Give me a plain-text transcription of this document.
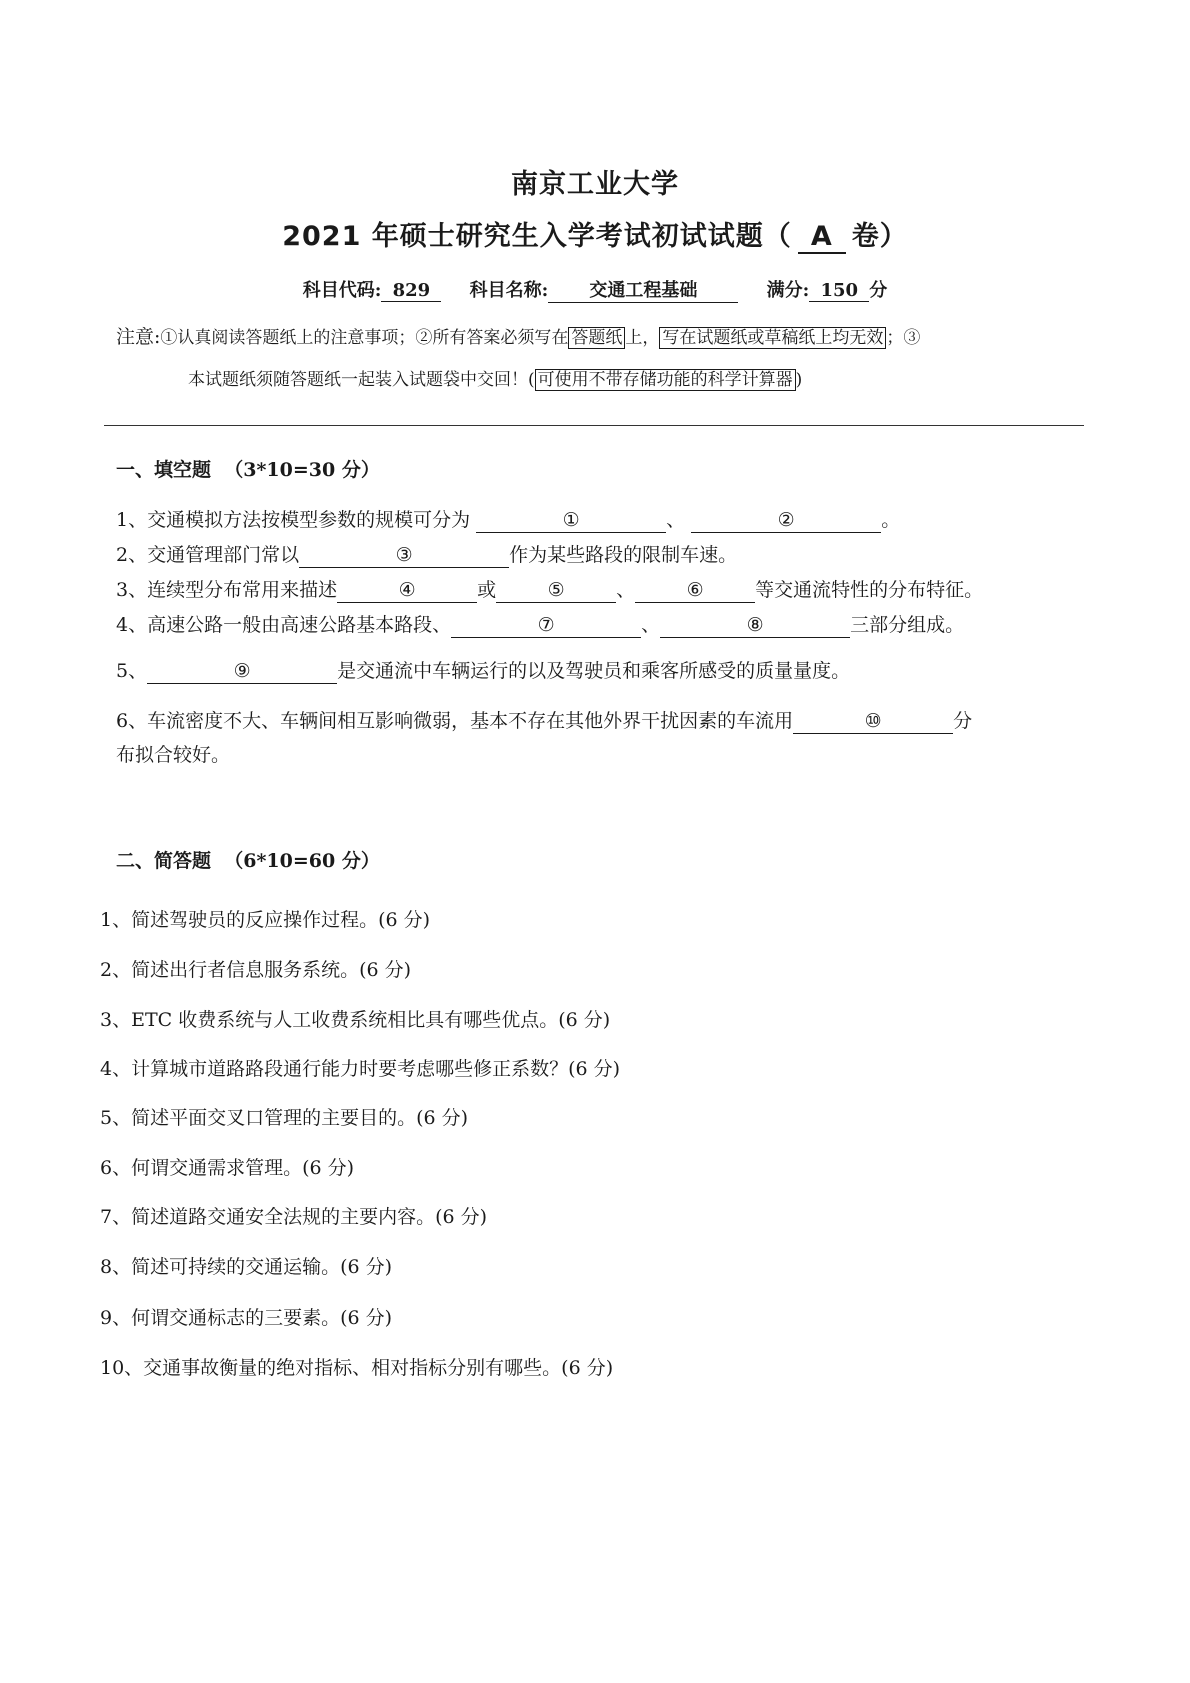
南京工业大学
2021 年硕士研究生入学考试初试试题（ A 卷）
科目代码: 829 科目名称: 交通工程基础	满分: 150 分
注意:①认真阅读答题纸上的注意事项；②所有答案必须写在 答题纸 上， 写在试题纸或草稿纸上均无效 ；③
本试题纸须随答题纸一起装入试题袋中交回！( 可使用不带存储功能的科学计算器 )
一、填空题 （3*10=30 分）
1、交通模拟方法按模型参数的规模可分为	①	、	②	。
2、交通管理部门常以	③	作为某些路段的限制车速。
3、连续型分布常用来描述	④	或	⑤	、	⑥	等交通流特性的分布特征。
4、高速公路一般由高速公路基本路段、	⑦	、	⑧	三部分组成。
5、	⑨	是交通流中车辆运行的以及驾驶员和乘客所感受的质量量度。
6、车流密度不大、车辆间相互影响微弱，基本不存在其他外界干扰因素的车流用	⑩	分
布拟合较好。
二、简答题 （6*10=60 分）
1、简述驾驶员的反应操作过程。(6 分)
2、简述出行者信息服务系统。(6 分)
3、ETC 收费系统与人工收费系统相比具有哪些优点。(6 分)
4、计算城市道路路段通行能力时要考虑哪些修正系数？(6 分)
5、简述平面交叉口管理的主要目的。(6 分)
6、何谓交通需求管理。(6 分)
7、简述道路交通安全法规的主要内容。(6 分)
8、简述可持续的交通运输。(6 分)
9、何谓交通标志的三要素。(6 分)
10、交通事故衡量的绝对指标、相对指标分别有哪些。(6 分)
